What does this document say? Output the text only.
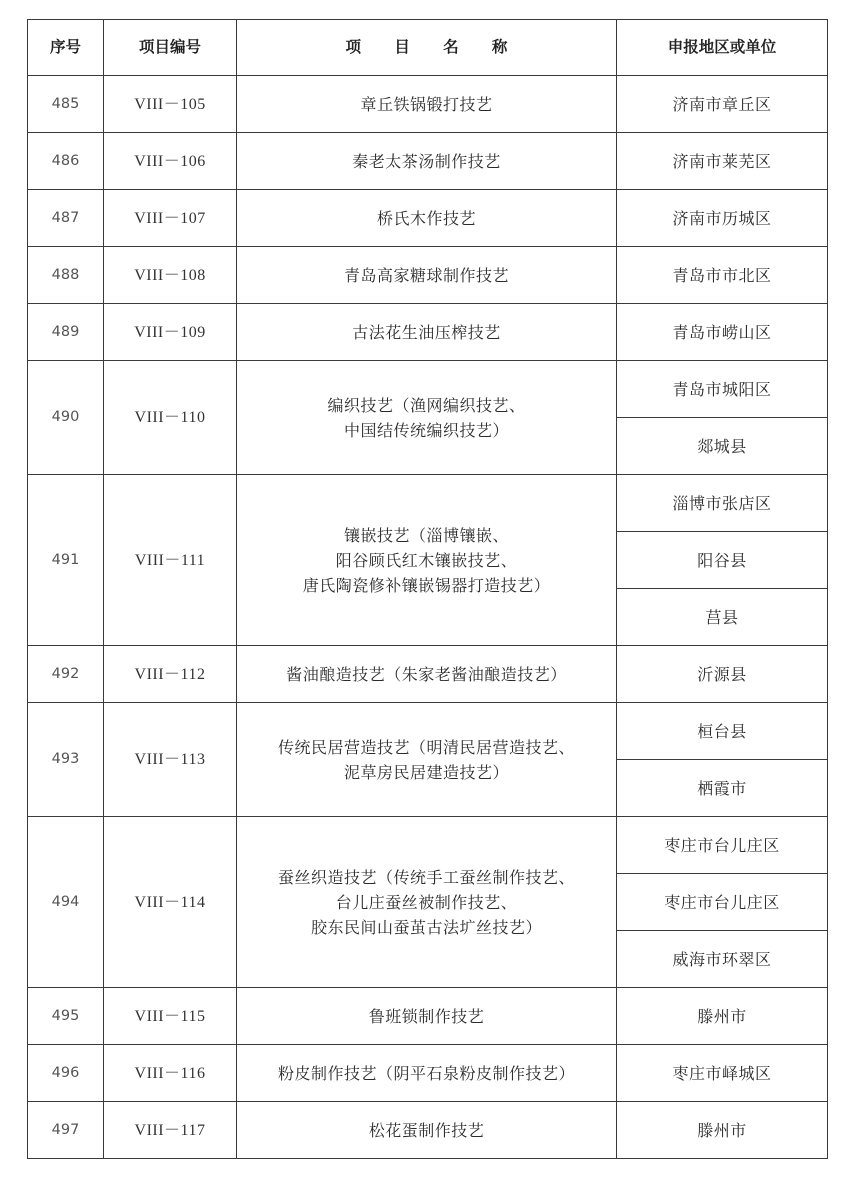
序号	项目编号	项 目 名 称	申报地区或单位
485	VIII－105	章丘铁锅锻打技艺	济南市章丘区
486	VIII－106	秦老太茶汤制作技艺	济南市莱芜区
487	VIII－107	桥氏木作技艺	济南市历城区
488	VIII－108	青岛高家糖球制作技艺	青岛市市北区
489	VIII－109	古法花生油压榨技艺	青岛市崂山区
490	VIII－110	编织技艺（渔网编织技艺、
中国结传统编织技艺）	青岛市城阳区
			郯城县
491	VIII－111	镶嵌技艺（淄博镶嵌、
阳谷顾氏红木镶嵌技艺、
唐氏陶瓷修补镶嵌锡器打造技艺）	淄博市张店区
			阳谷县
			莒县
492	VIII－112	酱油酿造技艺（朱家老酱油酿造技艺）	沂源县
493	VIII－113	传统民居营造技艺（明清民居营造技艺、
泥草房民居建造技艺）	桓台县
			栖霞市
494	VIII－114	蚕丝织造技艺（传统手工蚕丝制作技艺、
台儿庄蚕丝被制作技艺、
胶东民间山蚕茧古法圹丝技艺）	枣庄市台儿庄区
			枣庄市台儿庄区
			威海市环翠区
495	VIII－115	鲁班锁制作技艺	滕州市
496	VIII－116	粉皮制作技艺（阴平石泉粉皮制作技艺）	枣庄市峄城区
497	VIII－117	松花蛋制作技艺	滕州市
